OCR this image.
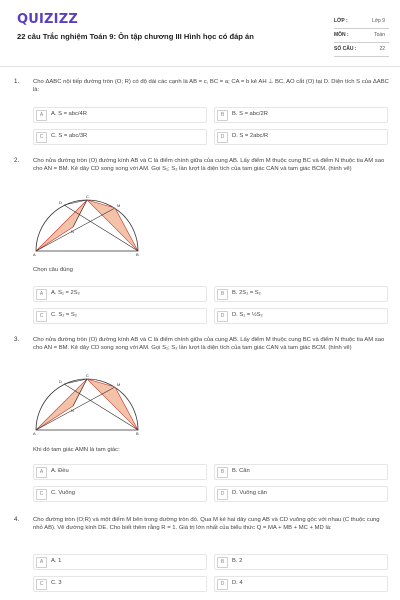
QUIZIZZ
22 câu Trắc nghiệm Toán 9: Ôn tập chương III Hình học có đáp án
LỚP :	Lớp 9
MÔN :	Toán
SỐ CÂU :	22
1. Cho ΔABC nội tiếp đường tròn (O; R) có độ dài các cạnh là AB = c, BC = a; CA = b kẻ AH ⊥ BC, AO cắt (O) tại D. Diện tích S của ΔABC là:
A	A. S = abc/4R	B	B. S = abc/2R
C	C. S = abc/3R	D	D. S = 2abc/R
2. Cho nửa đường tròn (O) đường kính AB và C là điểm chính giữa của cung AB. Lấy điểm M thuộc cung BC và điểm N thuộc tia AM sao cho AN = BM. Kẻ dây CD song song với AM. Gọi S₁; S₂ lần lượt là diện tích của tam giác CAN và tam giác BCM. (hình vẽ)
A	B
C
D
M
N
Chọn câu đúng
A	A. S₁ = 2S₂	B	B. 2S₁ = S₂
C	C. S₁ = S₂	D	D. S₁ = ½S₂
3. Cho nửa đường tròn (O) đường kính AB và C là điểm chính giữa của cung AB. Lấy điểm M thuộc cung BC và điểm N thuộc tia AM sao cho AN = BM. Kẻ dây CD song song với AM. Gọi S₁; S₂ lần lượt là diện tích của tam giác CAN và tam giác BCM. (hình vẽ)
A	B
C
D
M
N
Khi đó tam giác AMN là tam giác:
A	A. Đều	B	B. Cân
C	C. Vuông	D	D. Vuông cân
4. Cho đường tròn (O;R) và một điểm M bên trong đường tròn đó. Qua M kẻ hai dây cung AB và CD vuông góc với nhau (C thuộc cung nhỏ AB). Vẽ đường kính DE. Cho biết thêm rằng R = 1. Giá trị lớn nhất của biểu thức Q = MA + MB + MC + MD là:
A	A. 1	B	B. 2
C	C. 3	D	D. 4
